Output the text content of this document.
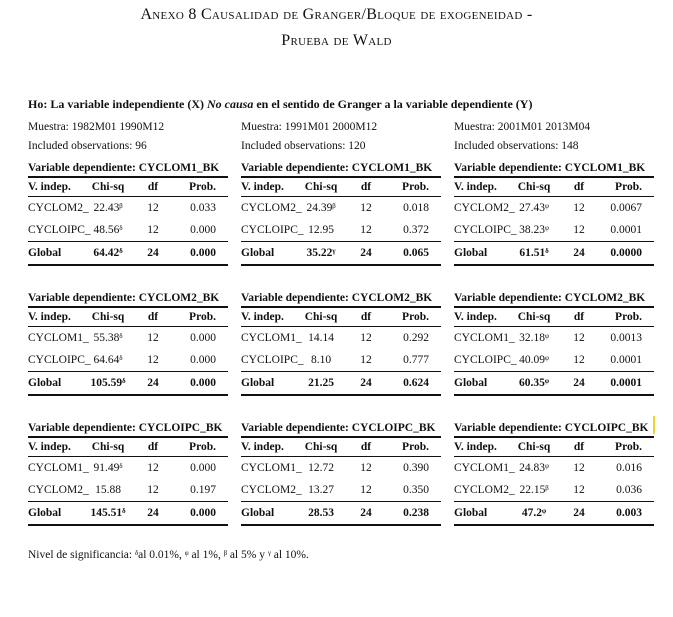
Anexo 8 Causalidad de Granger/Bloque de exogeneidad -
Prueba de Wald
Ho: La variable independiente (X) No causa en el sentido de Granger a la variable dependiente (Y)
Muestra: 1982M01 1990M12
Included observations: 96
Muestra: 1991M01 2000M12
Included observations: 120
Muestra: 2001M01 2013M04
Included observations: 148
Variable dependiente: CYCLOM1_BK
V. indep.	Chi-sq	df	Prob.
CYCLOM2_ 22.43ᵝ	12	0.033
CYCLOIPC_ 48.56ᵟ	12	0.000
Global	64.42ᵟ	24	0.000
Variable dependiente: CYCLOM1_BK
V. indep.	Chi-sq	df	Prob.
CYCLOM2_ 24.39ᵝ	12	0.018
CYCLOIPC_ 12.95	12	0.372
Global	35.22ᵞ	24	0.065
Variable dependiente: CYCLOM1_BK
V. indep.	Chi-sq	df	Prob.
CYCLOM2_ 27.43ᵠ	12	0.0067
CYCLOIPC_ 38.23ᵠ	12	0.0001
Global	61.51ᵟ	24	0.0000
Variable dependiente: CYCLOM2_BK
V. indep.	Chi-sq	df	Prob.
CYCLOM1_ 55.38ᵟ	12	0.000
CYCLOIPC_ 64.64ᵟ	12	0.000
Global	105.59ᵟ	24	0.000
Variable dependiente: CYCLOM2_BK
V. indep.	Chi-sq	df	Prob.
CYCLOM1_ 14.14	12	0.292
CYCLOIPC_ 8.10	12	0.777
Global	21.25	24	0.624
Variable dependiente: CYCLOM2_BK
V. indep.	Chi-sq	df	Prob.
CYCLOM1_ 32.18ᵠ	12	0.0013
CYCLOIPC_ 40.09ᵠ	12	0.0001
Global	60.35ᵠ	24	0.0001
Variable dependiente: CYCLOIPC_BK
V. indep.	Chi-sq	df	Prob.
CYCLOM1_ 91.49ᵟ	12	0.000
CYCLOM2_ 15.88	12	0.197
Global	145.51ᵟ	24	0.000
Variable dependiente: CYCLOIPC_BK
V. indep.	Chi-sq	df	Prob.
CYCLOM1_ 12.72	12	0.390
CYCLOM2_ 13.27	12	0.350
Global	28.53	24	0.238
Variable dependiente: CYCLOIPC_BK
V. indep.	Chi-sq	df	Prob.
CYCLOM1_ 24.83ᵠ	12	0.016
CYCLOM2_ 22.15ᵝ	12	0.036
Global	47.2ᵠ	24	0.003
Nivel de significancia: ᵟal 0.01%, ᵠ al 1%, ᵝ al 5% y ᵞ al 10%.
